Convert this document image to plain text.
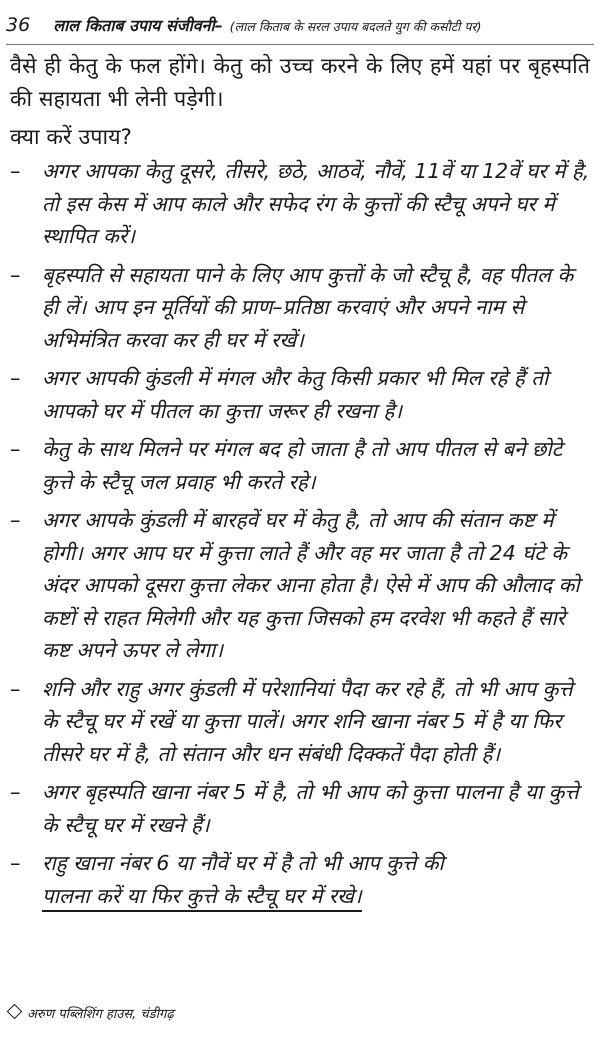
36 लाल किताब उपाय संजीवनी– (लाल किताब के सरल उपाय बदलते युग की कसौटी पर)

वैसे ही केतु के फल होंगे। केतु को उच्च करने के लिए हमें यहां पर बृहस्पति की सहायता भी लेनी पड़ेगी।

क्या करें उपाय?
–	अगर आपका केतु दूसरे, तीसरे, छठे, आठवें, नौवें, 11वें या 12वें घर में है, तो इस केस में आप काले और सफेद रंग के कुत्तों की स्टैचू अपने घर में स्थापित करें।
–	बृहस्पति से सहायता पाने के लिए आप कुत्तों के जो स्टैचू है, वह पीतल के ही लें। आप इन मूर्तियों की प्राण–प्रतिष्ठा करवाएं और अपने नाम से अभिमंत्रित करवा कर ही घर में रखें।
–	अगर आपकी कुंडली में मंगल और केतु किसी प्रकार भी मिल रहे हैं तो आपको घर में पीतल का कुत्ता जरूर ही रखना है।
–	केतु के साथ मिलने पर मंगल बद हो जाता है तो आप पीतल से बने छोटे कुत्ते के स्टैचू जल प्रवाह भी करते रहे।
–	अगर आपके कुंडली में बारहवें घर में केतु है, तो आप की संतान कष्ट में होगी। अगर आप घर में कुत्ता लाते हैं और वह मर जाता है तो 24 घंटे के अंदर आपको दूसरा कुत्ता लेकर आना होता है। ऐसे में आप की औलाद को कष्टों से राहत मिलेगी और यह कुत्ता जिसको हम दरवेश भी कहते हैं सारे कष्ट अपने ऊपर ले लेगा।
–	शनि और राहु अगर कुंडली में परेशानियां पैदा कर रहे हैं, तो भी आप कुत्ते के स्टैचू घर में रखें या कुत्ता पालें। अगर शनि खाना नंबर 5 में है या फिर तीसरे घर में है, तो संतान और धन संबंधी दिक्कतें पैदा होती हैं।
–	अगर बृहस्पति खाना नंबर 5 में है, तो भी आप को कुत्ता पालना है या कुत्ते के स्टैचू घर में रखने हैं।
–	राहु खाना नंबर 6 या नौवें घर में है तो भी आप कुत्ते की
पालना करें या फिर कुत्ते के स्टैचू घर में रखे।
अरुण पब्लिशिंग हाउस, चंडीगढ़
